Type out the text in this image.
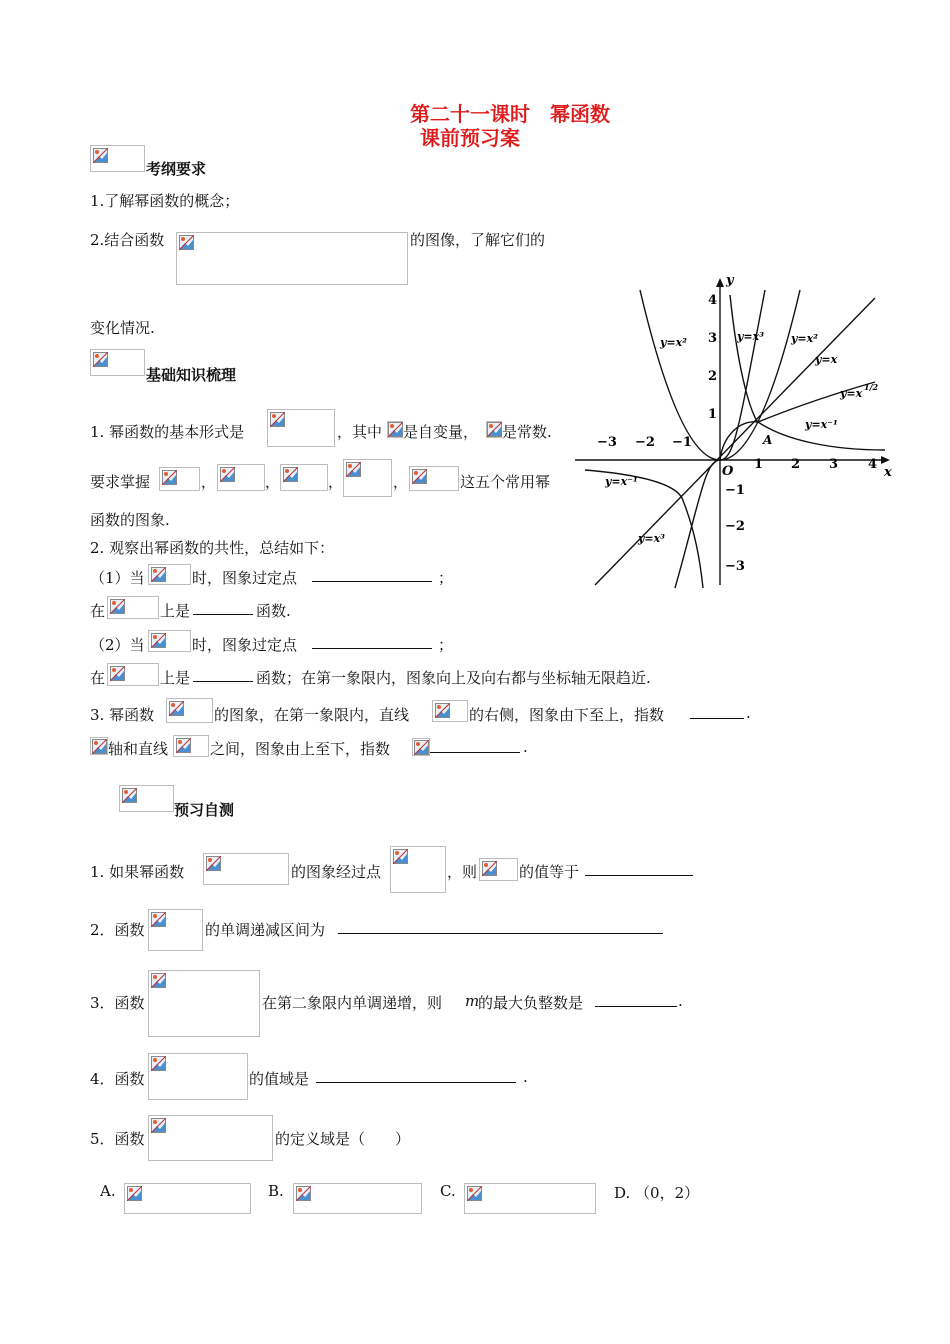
第二十一课时　幂函数
课前预习案
考纲要求
1.了解幂函数的概念；
2.结合函数	的图像，了解它们的
变化情况.
基础知识梳理
1. 幂函数的基本形式是	，其中 是自变量， 是常数.
要求掌握	，	，	，	，	这五个常用幂
函数的图象.
2. 观察出幂函数的共性，总结如下：
（1）当	时，图象过定点	；
在	上是	函数.
（2）当	时，图象过定点	；
在	上是	函数；在第一象限内，图象向上及向右都与坐标轴无限趋近.
3. 幂函数	的图象，在第一象限内，直线	的右侧，图象由下至上，指数	.
轴和直线	之间，图象由上至下，指数	.
预习自测
1. 如果幂函数	的图象经过点	，则	的值等于
2．函数	的单调递减区间为
3．函数	在第二象限内单调递增，则 m
的最大负整数是	.
4．函数	的值域是	.
5．函数	的定义域是（　　）
A.	B.	C.	D. （0，2）
y
x
O
A
−3 −2 −1
1 2 3 4
4
3
2
1
−1
−2
−3
y=x²	y=x³ y=x²
y=x
y=x 1/2
y=x⁻¹
y=x⁻¹
y=x³
